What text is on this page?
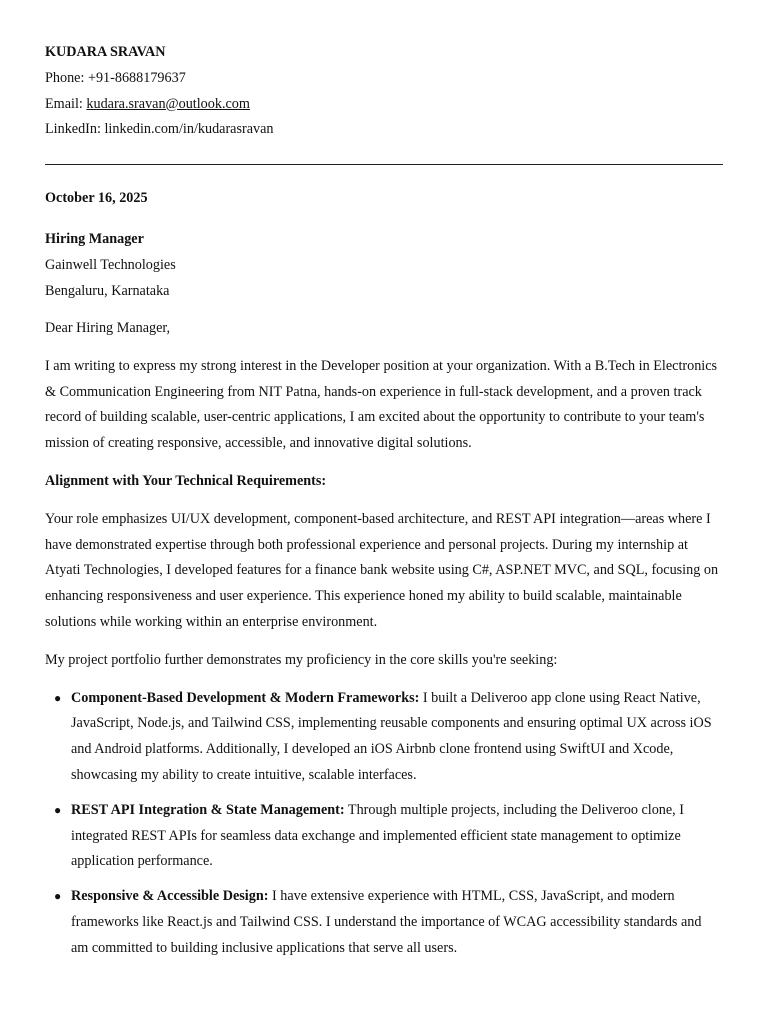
KUDARA SRAVAN
Phone: +91-8688179637
Email: kudara.sravan@outlook.com
LinkedIn: linkedin.com/in/kudarasravan
October 16, 2025
Hiring Manager
Gainwell Technologies
Bengaluru, Karnataka
Dear Hiring Manager,

I am writing to express my strong interest in the Developer position at your organization. With a B.Tech in Electronics & Communication Engineering from NIT Patna, hands-on experience in full-stack development, and a proven track record of building scalable, user-centric applications, I am excited about the opportunity to contribute to your team's mission of creating responsive, accessible, and innovative digital solutions.

Alignment with Your Technical Requirements:

Your role emphasizes UI/UX development, component-based architecture, and REST API integration—areas where I have demonstrated expertise through both professional experience and personal projects. During my internship at Atyati Technologies, I developed features for a finance bank website using C#, ASP.NET MVC, and SQL, focusing on enhancing responsiveness and user experience. This experience honed my ability to build scalable, maintainable solutions while working within an enterprise environment.

My project portfolio further demonstrates my proficiency in the core skills you're seeking:

● Component-Based Development & Modern Frameworks: I built a Deliveroo app clone using React Native, JavaScript, Node.js, and Tailwind CSS, implementing reusable components and ensuring optimal UX across iOS and Android platforms. Additionally, I developed an iOS Airbnb clone frontend using SwiftUI and Xcode, showcasing my ability to create intuitive, scalable interfaces.
● REST API Integration & State Management: Through multiple projects, including the Deliveroo clone, I integrated REST APIs for seamless data exchange and implemented efficient state management to optimize application performance.
● Responsive & Accessible Design: I have extensive experience with HTML, CSS, JavaScript, and modern frameworks like React.js and Tailwind CSS. I understand the importance of WCAG accessibility standards and am committed to building inclusive applications that serve all users.
